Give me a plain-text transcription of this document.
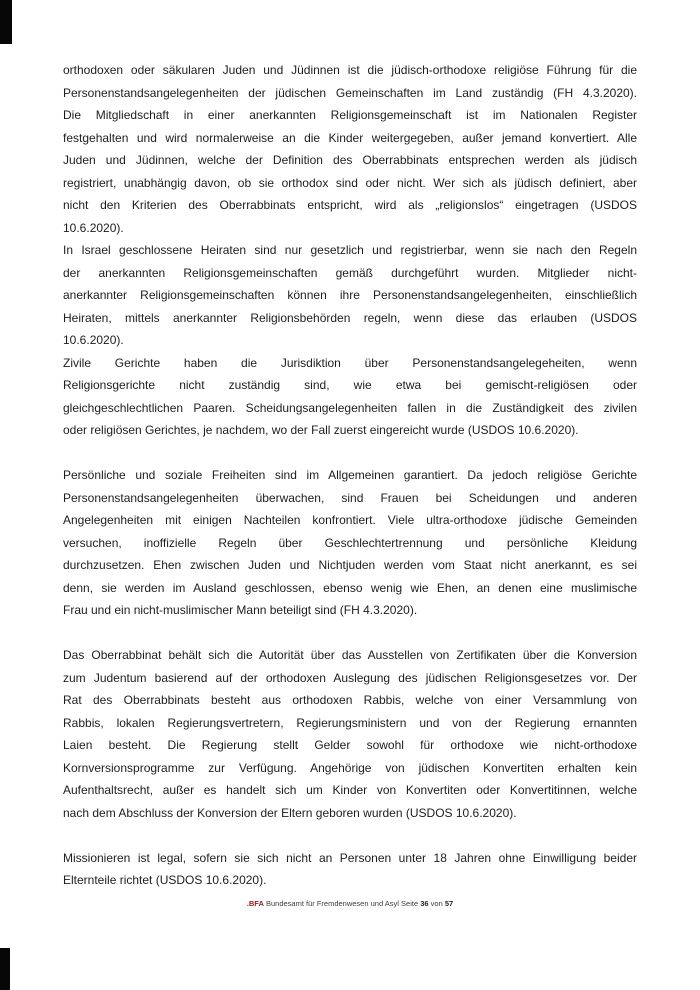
orthodoxen oder säkularen Juden und Jüdinnen ist die jüdisch-orthodoxe religiöse Führung für die
Personenstandsangelegenheiten der jüdischen Gemeinschaften im Land zuständig (FH 4.3.2020).
Die Mitgliedschaft in einer anerkannten Religionsgemeinschaft ist im Nationalen Register
festgehalten und wird normalerweise an die Kinder weitergegeben, außer jemand konvertiert. Alle
Juden und Jüdinnen, welche der Definition des Oberrabbinats entsprechen werden als jüdisch
registriert, unabhängig davon, ob sie orthodox sind oder nicht. Wer sich als jüdisch definiert, aber
nicht den Kriterien des Oberrabbinats entspricht, wird als „religionslos“ eingetragen (USDOS
10.6.2020).
In Israel geschlossene Heiraten sind nur gesetzlich und registrierbar, wenn sie nach den Regeln
der anerkannten Religionsgemeinschaften gemäß durchgeführt wurden. Mitglieder nicht-
anerkannter Religionsgemeinschaften können ihre Personenstandsangelegenheiten, einschließlich
Heiraten, mittels anerkannter Religionsbehörden regeln, wenn diese das erlauben (USDOS
10.6.2020).
Zivile Gerichte haben die Jurisdiktion über Personenstandsangelegeheiten, wenn
Religionsgerichte nicht zuständig sind, wie etwa bei gemischt-religiösen oder
gleichgeschlechtlichen Paaren. Scheidungsangelegenheiten fallen in die Zuständigkeit des zivilen
oder religiösen Gerichtes, je nachdem, wo der Fall zuerst eingereicht wurde (USDOS 10.6.2020).
Persönliche und soziale Freiheiten sind im Allgemeinen garantiert. Da jedoch religiöse Gerichte
Personenstandsangelegenheiten überwachen, sind Frauen bei Scheidungen und anderen
Angelegenheiten mit einigen Nachteilen konfrontiert. Viele ultra-orthodoxe jüdische Gemeinden
versuchen, inoffizielle Regeln über Geschlechtertrennung und persönliche Kleidung
durchzusetzen. Ehen zwischen Juden und Nichtjuden werden vom Staat nicht anerkannt, es sei
denn, sie werden im Ausland geschlossen, ebenso wenig wie Ehen, an denen eine muslimische
Frau und ein nicht-muslimischer Mann beteiligt sind (FH 4.3.2020).
Das Oberrabbinat behält sich die Autorität über das Ausstellen von Zertifikaten über die Konversion
zum Judentum basierend auf der orthodoxen Auslegung des jüdischen Religionsgesetzes vor. Der
Rat des Oberrabbinats besteht aus orthodoxen Rabbis, welche von einer Versammlung von
Rabbis, lokalen Regierungsvertretern, Regierungsministern und von der Regierung ernannten
Laien besteht. Die Regierung stellt Gelder sowohl für orthodoxe wie nicht-orthodoxe
Kornversionsprogramme zur Verfügung. Angehörige von jüdischen Konvertiten erhalten kein
Aufenthaltsrecht, außer es handelt sich um Kinder von Konvertiten oder Konvertitinnen, welche
nach dem Abschluss der Konversion der Eltern geboren wurden (USDOS 10.6.2020).
Missionieren ist legal, sofern sie sich nicht an Personen unter 18 Jahren ohne Einwilligung beider
Elternteile richtet (USDOS 10.6.2020).
.BFA Bundesamt für Fremdenwesen und Asyl Seite 36 von 57
